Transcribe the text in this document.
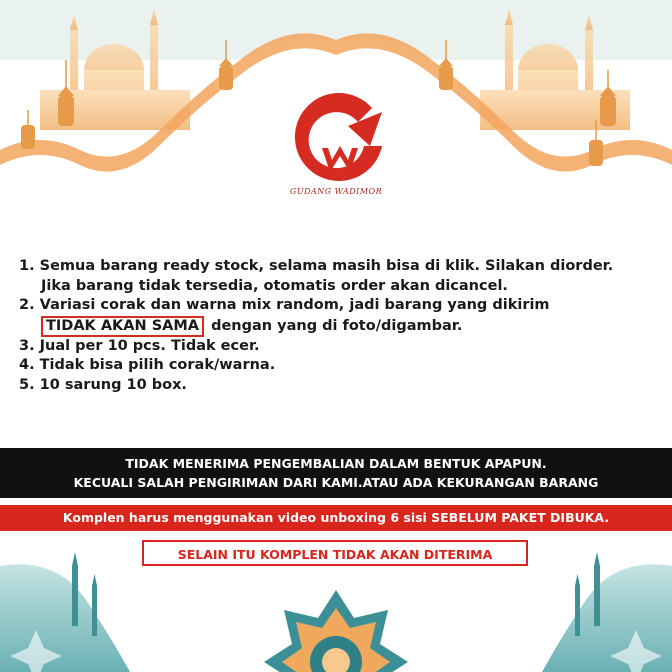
GUDANG WADIMOR
1. Semua barang ready stock, selama masih bisa di klik. Silakan diorder.
Jika barang tidak tersedia, otomatis order akan dicancel.
2. Variasi corak dan warna mix random, jadi barang yang dikirim
TIDAK AKAN SAMA dengan yang di foto/digambar.
3. Jual per 10 pcs. Tidak ecer.
4. Tidak bisa pilih corak/warna.
5. 10 sarung 10 box.
TIDAK MENERIMA PENGEMBALIAN DALAM BENTUK APAPUN.
KECUALI SALAH PENGIRIMAN DARI KAMI.ATAU ADA KEKURANGAN BARANG
Komplen harus menggunakan video unboxing 6 sisi SEBELUM PAKET DIBUKA.
SELAIN ITU KOMPLEN TIDAK AKAN DITERIMA
